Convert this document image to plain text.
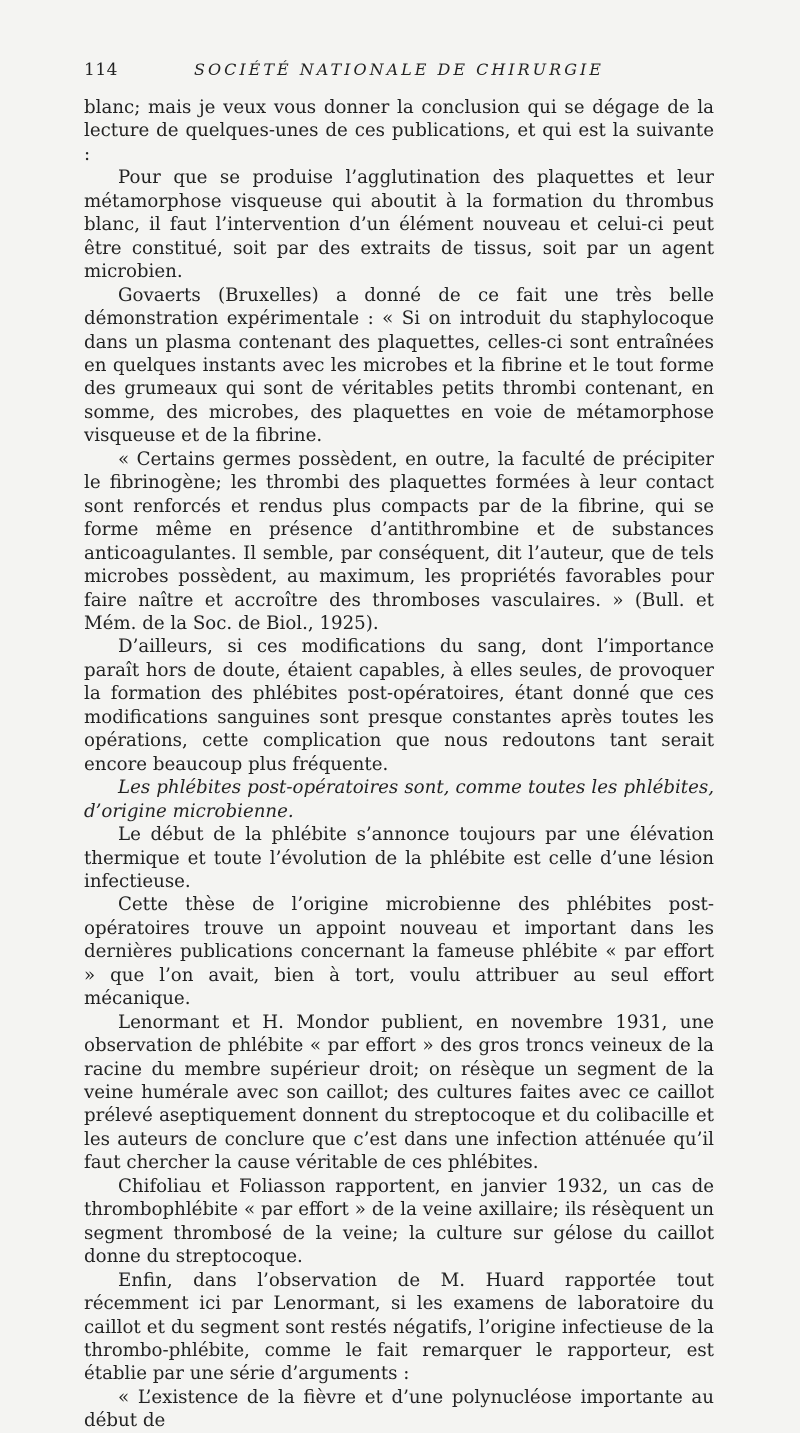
114	SOCIÉTÉ NATIONALE DE CHIRURGIE

blanc; mais je veux vous donner la conclusion qui se dégage de la lecture de quelques-unes de ces publications, et qui est la suivante :

Pour que se produise l’agglutination des plaquettes et leur métamorphose visqueuse qui aboutit à la formation du thrombus blanc, il faut l’intervention d’un élément nouveau et celui-ci peut être constitué, soit par des extraits de tissus, soit par un agent microbien.

Govaerts (Bruxelles) a donné de ce fait une très belle démonstration expérimentale : « Si on introduit du staphylocoque dans un plasma contenant des plaquettes, celles-ci sont entraînées en quelques instants avec les microbes et la fibrine et le tout forme des grumeaux qui sont de véritables petits thrombi contenant, en somme, des microbes, des plaquettes en voie de métamorphose visqueuse et de la fibrine.

« Certains germes possèdent, en outre, la faculté de précipiter le fibrinogène; les thrombi des plaquettes formées à leur contact sont renforcés et rendus plus compacts par de la fibrine, qui se forme même en présence d’antithrombine et de substances anticoagulantes. Il semble, par conséquent, dit l’auteur, que de tels microbes possèdent, au maximum, les propriétés favorables pour faire naître et accroître des thromboses vasculaires. » (Bull. et Mém. de la Soc. de Biol., 1925).

D’ailleurs, si ces modifications du sang, dont l’importance paraît hors de doute, étaient capables, à elles seules, de provoquer la formation des phlébites post-opératoires, étant donné que ces modifications sanguines sont presque constantes après toutes les opérations, cette complication que nous redoutons tant serait encore beaucoup plus fréquente.

Les phlébites post-opératoires sont, comme toutes les phlébites, d’origine microbienne.

Le début de la phlébite s’annonce toujours par une élévation thermique et toute l’évolution de la phlébite est celle d’une lésion infectieuse.

Cette thèse de l’origine microbienne des phlébites post-opératoires trouve un appoint nouveau et important dans les dernières publications concernant la fameuse phlébite « par effort » que l’on avait, bien à tort, voulu attribuer au seul effort mécanique.

Lenormant et H. Mondor publient, en novembre 1931, une observation de phlébite « par effort » des gros troncs veineux de la racine du membre supérieur droit; on résèque un segment de la veine humérale avec son caillot; des cultures faites avec ce caillot prélevé aseptiquement donnent du streptocoque et du colibacille et les auteurs de conclure que c’est dans une infection atténuée qu’il faut chercher la cause véritable de ces phlébites.

Chifoliau et Foliasson rapportent, en janvier 1932, un cas de thrombophlébite « par effort » de la veine axillaire; ils résèquent un segment thrombosé de la veine; la culture sur gélose du caillot donne du streptocoque.

Enfin, dans l’observation de M. Huard rapportée tout récemment ici par Lenormant, si les examens de laboratoire du caillot et du segment sont restés négatifs, l’origine infectieuse de la thrombo-phlébite, comme le fait remarquer le rapporteur, est établie par une série d’arguments :

« L’existence de la fièvre et d’une polynucléose importante au début de
